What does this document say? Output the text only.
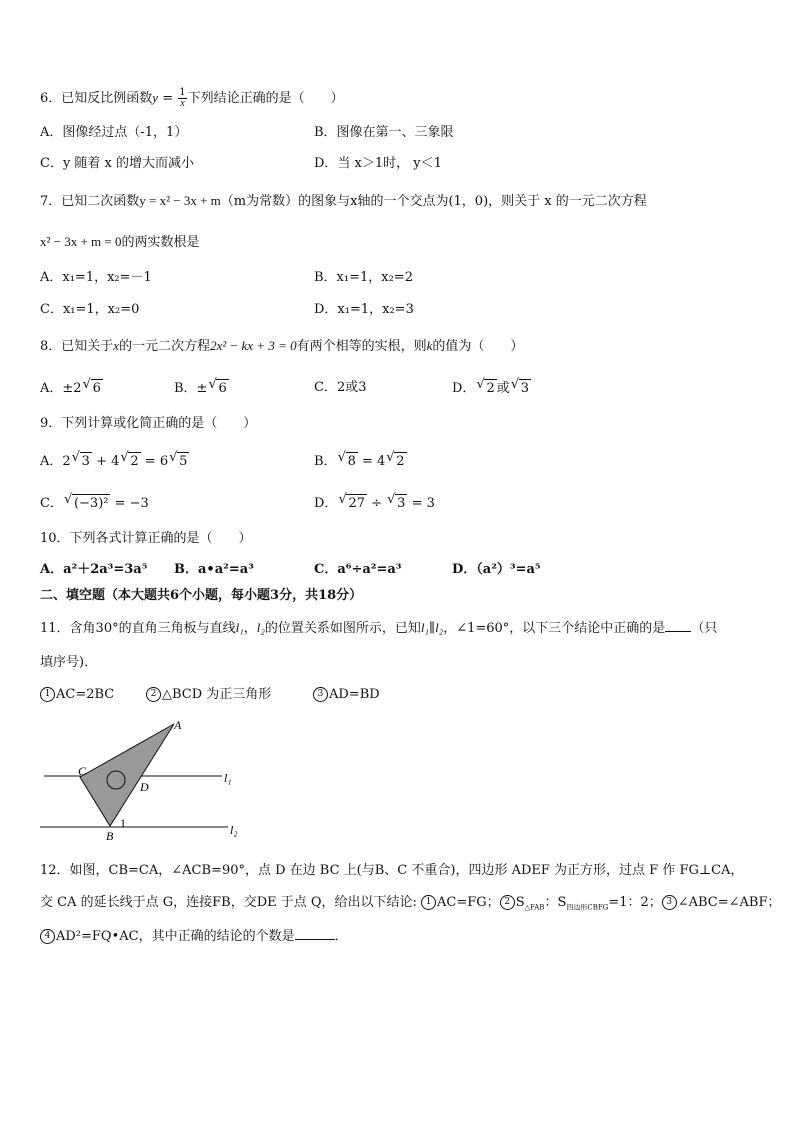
6．已知反比例函数$y = \frac{1}{x}$ 下列结论正确的是（　　）
A．图像经过点（-1，1）	B．图像在第一、三象限
C．y 随着 x 的增大而减小	D．当 x＞1时， y＜1
7．已知二次函数y = x² − 3x + m（m为常数）的图象与x轴的一个交点为(1，0)，则关于 x 的一元二次方程
x² − 3x + m = 0的两实数根是
A．x₁=1，x₂=－1	B．x₁=1，x₂=2
C．x₁=1，x₂=0	D．x₁=1，x₂=3
8．已知关于x的一元二次方程2x² − kx + 3 = 0有两个相等的实根，则k的值为（　　）
A．±2 √ 6	B．± √ 6	C．2或3	D． √ 2 或 √ 3
9．下列计算或化简正确的是（　　）
A．2 √ 3 + 4 √ 2 = 6 √ 5	B． √ 8 = 4 √ 2
C． √ (−3)² = −3	D． √ 27 ÷ √ 3 = 3
10．下列各式计算正确的是（　　）
A．a²＋2a³=3a⁵ B．a•a²=a³	C．a⁶÷a²=a³	D．（a²）³=a⁵
二、填空题（本大题共6个小题，每小题3分，共18分）
11．含角30°的直角三角板与直线l₁，l₂的位置关系如图所示，已知l₁∥l₂，∠1=60°，以下三个结论中正确的是 （只
填序号)．
1 AC=2BC	2 △BCD 为正三角形	3 AD=BD
A
C
D
1
B
l₁
l₂
12．如图，CB=CA，∠ACB=90°，点 D 在边 BC 上(与B、C 不重合)，四边形 ADEF 为正方形，过点 F 作 FG⊥CA，
交 CA 的延长线于点 G，连接FB，交DE 于点 Q，给出以下结论: 1 AC=FG； 2 $S_{\triangle FAB}$：$S_{四边形CBFG}=1$：2； 3 ∠ABC=∠ABF；
4 AD²=FQ•AC，其中正确的结论的个数是	．
